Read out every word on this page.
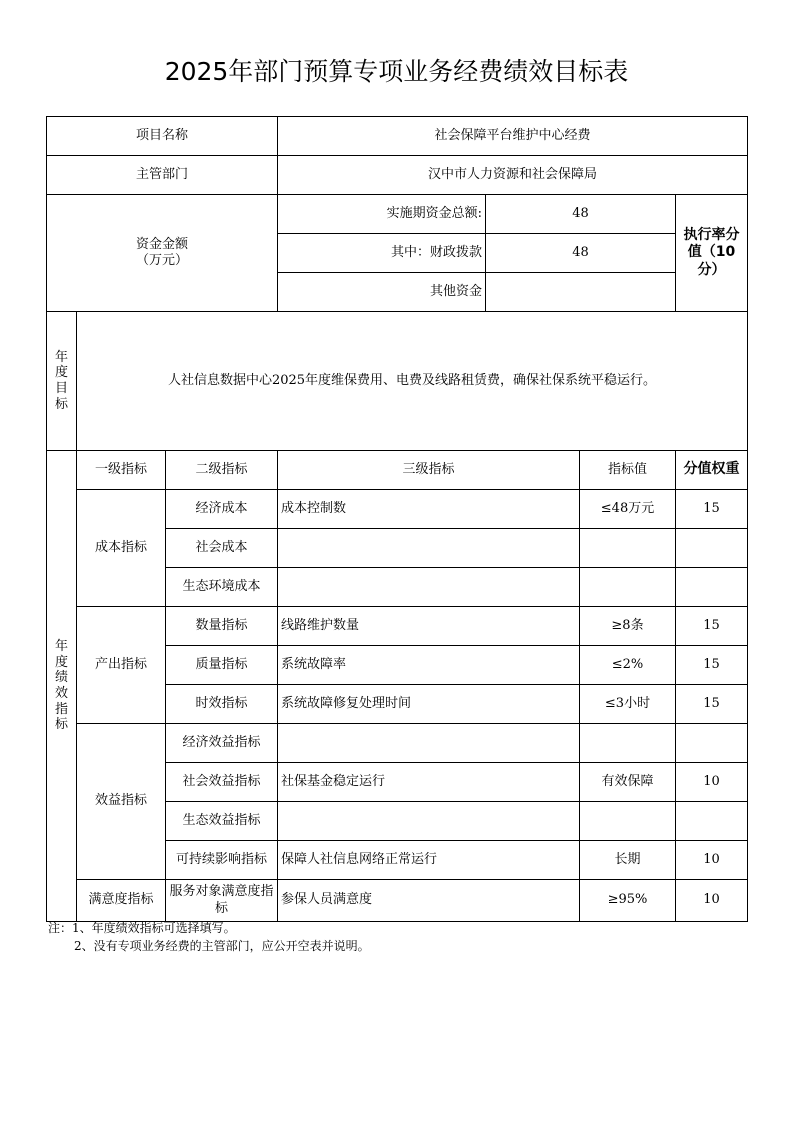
2025年部门预算专项业务经费绩效目标表
项目名称			社会保障平台维护中心经费			
主管部门			汉中市人力资源和社会保障局			
资金金额
（万元）			实施期资金总额:	48		执行率分值（10分）
			其中：财政拨款	48		
			其他资金			

年度目标	人社信息数据中心2025年度维保费用、电费及线路租赁费，确保社保系统平稳运行。					

年度绩效指标	一级指标	二级指标	三级指标		指标值	分值权重
	成本指标	经济成本	成本控制数		≤48万元	15
		社会成本				
		生态环境成本				
	产出指标	数量指标	线路维护数量		≥8条	15
		质量指标	系统故障率		≤2%	15
		时效指标	系统故障修复处理时间		≤3小时	15
	效益指标	经济效益指标				
		社会效益指标	社保基金稳定运行		有效保障	10
		生态效益指标				
		可持续影响指标	保障人社信息网络正常运行		长期	10
	满意度指标	服务对象满意度指标	参保人员满意度		≥95%	10
注：1、年度绩效指标可选择填写。
2、没有专项业务经费的主管部门，应公开空表并说明。
